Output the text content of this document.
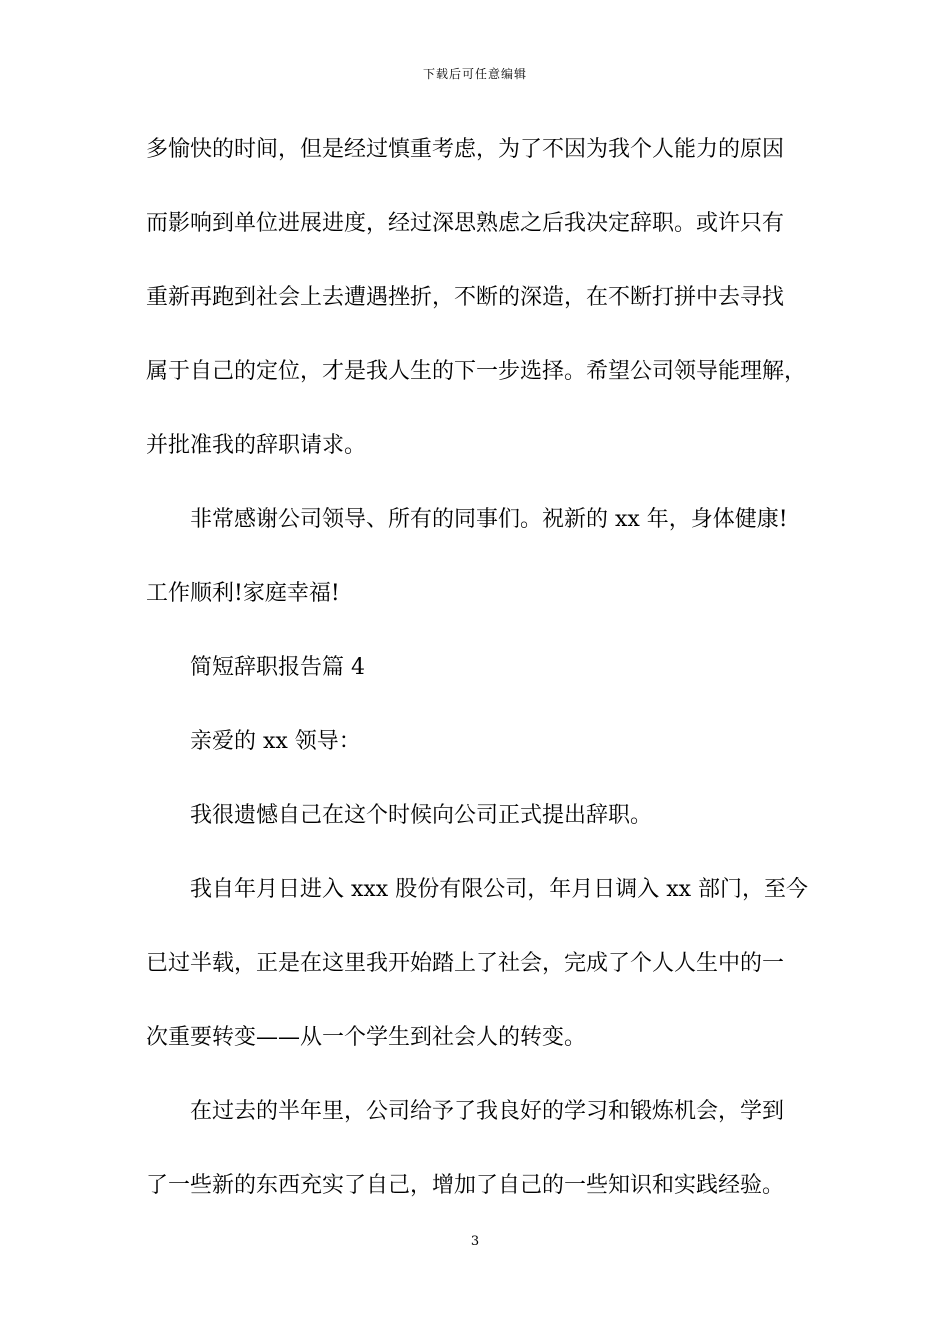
下载后可任意编辑
多愉快的时间，但是经过慎重考虑，为了不因为我个人能力的原因
而影响到单位进展进度，经过深思熟虑之后我决定辞职。或许只有
重新再跑到社会上去遭遇挫折，不断的深造，在不断打拼中去寻找
属于自己的定位，才是我人生的下一步选择。希望公司领导能理解，
并批准我的辞职请求。
非常感谢公司领导、所有的同事们。祝新的 xx 年，身体健康!
工作顺利!家庭幸福!
简短辞职报告篇 4
亲爱的 xx 领导：
我很遗憾自己在这个时候向公司正式提出辞职。
我自年月日进入 xxx 股份有限公司，年月日调入 xx 部门，至今
已过半载，正是在这里我开始踏上了社会，完成了个人人生中的一
次重要转变——从一个学生到社会人的转变。
在过去的半年里，公司给予了我良好的学习和锻炼机会，学到
了一些新的东西充实了自己，增加了自己的一些知识和实践经验。
3
